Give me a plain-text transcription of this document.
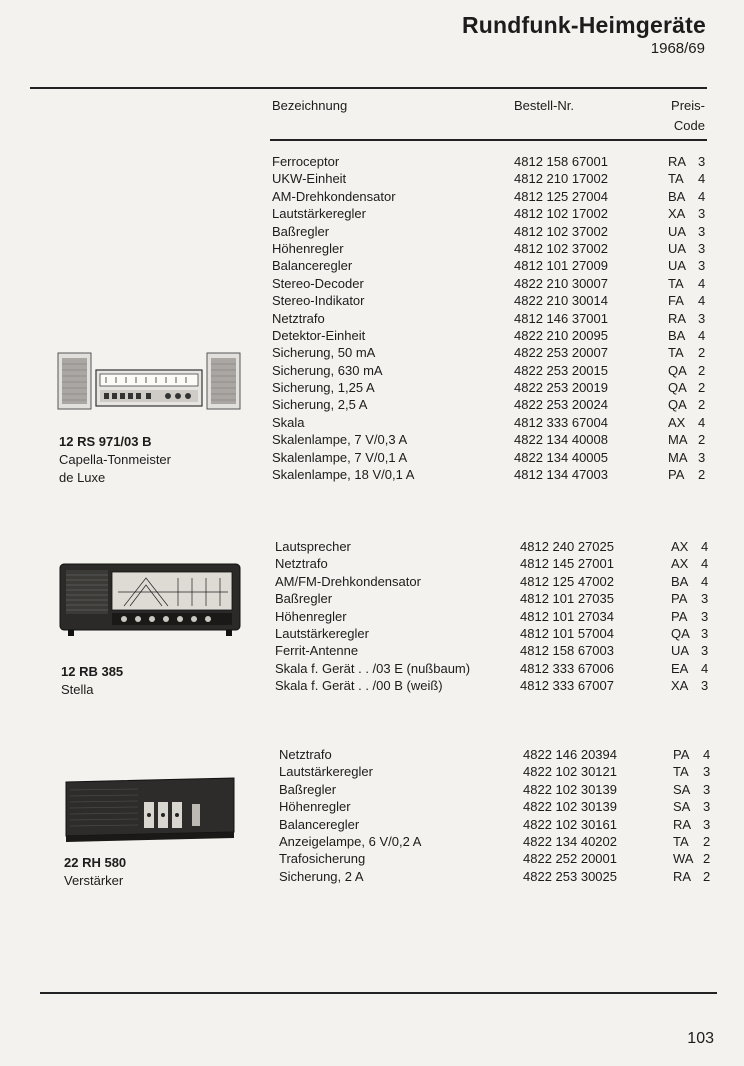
Rundfunk-Heimgeräte
1968/69
Bezeichnung	Bestell-Nr.	Preis-
Code
12 RS 971/03 B
Capella-Tonmeister
de Luxe
Ferroceptor	4812 158 67001	RA 3
UKW-Einheit	4812 210 17002	TA 4
AM-Drehkondensator	4812 125 27004	BA 4
Lautstärkeregler	4812 102 17002	XA 3
Baßregler	4812 102 37002	UA 3
Höhenregler	4812 102 37002	UA 3
Balanceregler	4812 101 27009	UA 3
Stereo-Decoder	4822 210 30007	TA 4
Stereo-Indikator	4822 210 30014	FA 4
Netztrafo	4812 146 37001	RA 3
Detektor-Einheit	4822 210 20095	BA 4
Sicherung, 50 mA	4822 253 20007	TA 2
Sicherung, 630 mA	4822 253 20015	QA 2
Sicherung, 1,25 A	4822 253 20019	QA 2
Sicherung, 2,5 A	4822 253 20024	QA 2
Skala	4812 333 67004	AX 4
Skalenlampe, 7 V/0,3 A	4822 134 40008	MA 2
Skalenlampe, 7 V/0,1 A	4822 134 40005	MA 3
Skalenlampe, 18 V/0,1 A	4812 134 47003	PA 2
12 RB 385
Stella
Lautsprecher	4812 240 27025	AX 4
Netztrafo	4812 145 27001	AX 4
AM/FM-Drehkondensator	4812 125 47002	BA 4
Baßregler	4812 101 27035	PA 3
Höhenregler	4812 101 27034	PA 3
Lautstärkeregler	4812 101 57004	QA 3
Ferrit-Antenne	4812 158 67003	UA 3
Skala f. Gerät . . /03 E (nußbaum)	4812 333 67006	EA 4
Skala f. Gerät . . /00 B (weiß)	4812 333 67007	XA 3
22 RH 580
Verstärker
Netztrafo	4822 146 20394	PA 4
Lautstärkeregler	4822 102 30121	TA 3
Baßregler	4822 102 30139	SA 3
Höhenregler	4822 102 30139	SA 3
Balanceregler	4822 102 30161	RA 3
Anzeigelampe, 6 V/0,2 A	4822 134 40202	TA 2
Trafosicherung	4822 252 20001	WA 2
Sicherung, 2 A	4822 253 30025	RA 2
103
